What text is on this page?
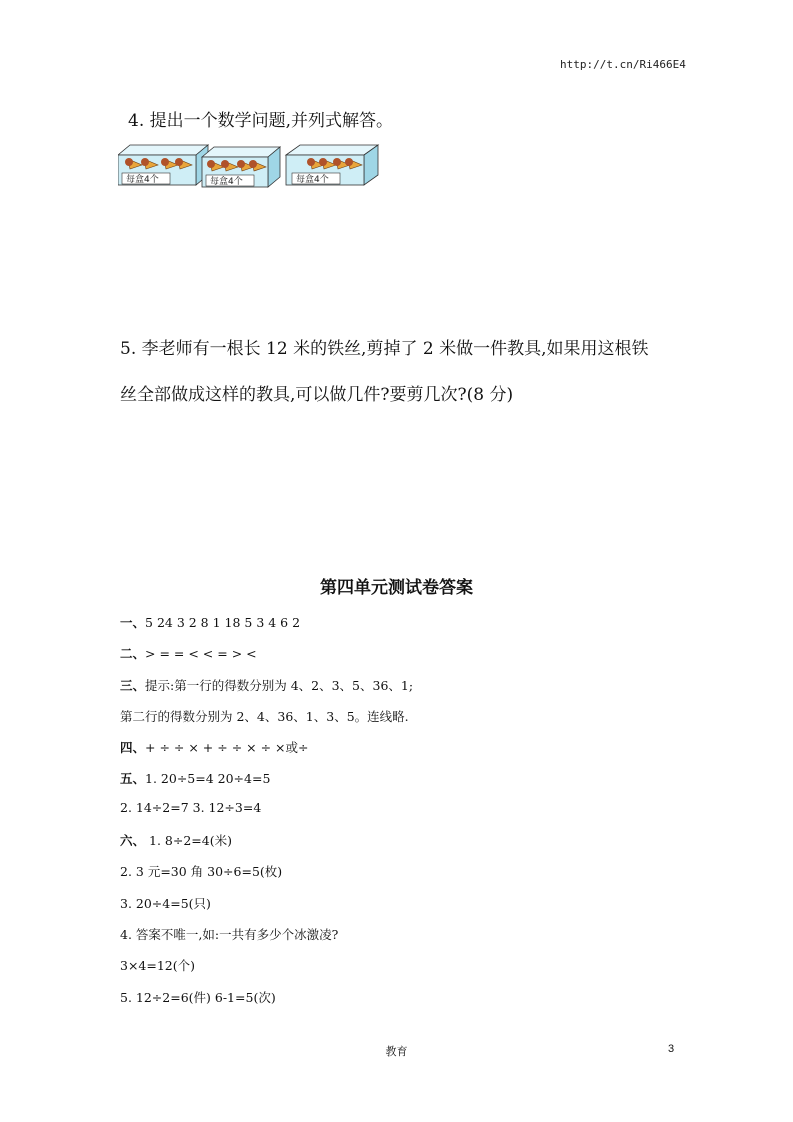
http://t.cn/Ri466E4
4. 提出一个数学问题,并列式解答。
每盒4个	每盒4个	每盒4个
5. 李老师有一根长 12 米的铁丝,剪掉了 2 米做一件教具,如果用这根铁
丝全部做成这样的教具,可以做几件?要剪几次?(8 分)
第四单元测试卷答案
一、5 24 3 2 8 1 18 5 3 4 6 2
二、> = = < < = > <
三、提示:第一行的得数分别为 4、2、3、5、36、1;
第二行的得数分别为 2、4、36、1、3、5。连线略.
四、+ ÷ ÷ × + ÷ ÷ × ÷ ×或÷
五、1. 20÷5=4 20÷4=5
2. 14÷2=7 3. 12÷3=4
六、 1. 8÷2=4(米)
2. 3 元=30 角 30÷6=5(枚)
3. 20÷4=5(只)
4. 答案不唯一,如:一共有多少个冰激凌?
3×4=12(个)
5. 12÷2=6(件) 6-1=5(次)
教育	3
